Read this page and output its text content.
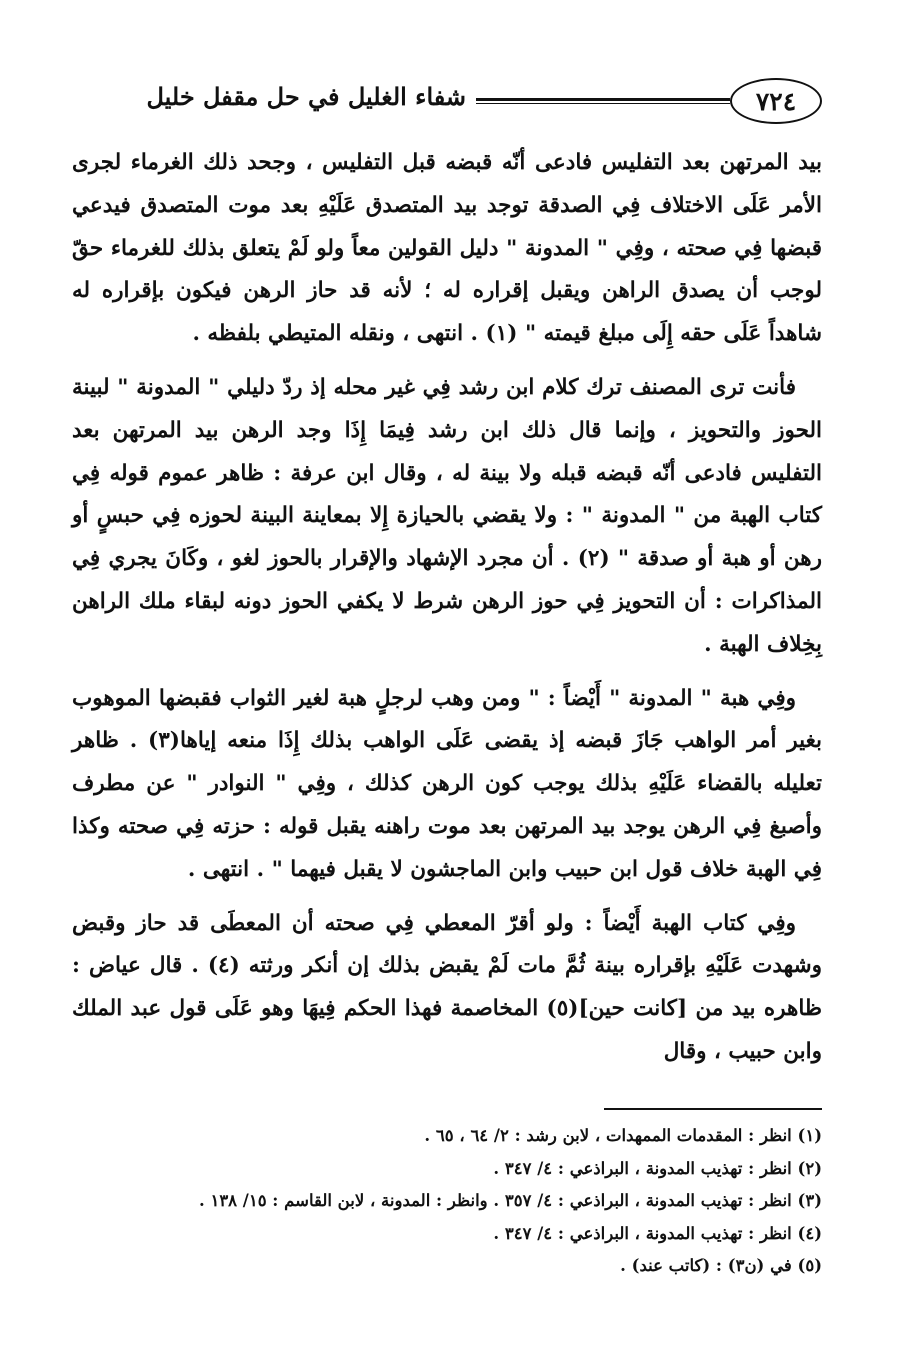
٧٢٤
شفاء الغليل في حل مقفل خليل

بيد المرتهن بعد التفليس فادعى أنّه قبضه قبل التفليس ، وجحد ذلك الغرماء لجرى الأمر عَلَى الاختلاف فِي الصدقة توجد بيد المتصدق عَلَيْهِ بعد موت المتصدق فيدعي قبضها فِي صحته ، وفِي " المدونة " دليل القولين معاً ولو لَمْ يتعلق بذلك للغرماء حقّ لوجب أن يصدق الراهن ويقبل إقراره له ؛ لأنه قد حاز الرهن فيكون بإقراره له شاهداً عَلَى حقه إِلَى مبلغ قيمته " (١) . انتهى ، ونقله المتيطي بلفظه .

فأنت ترى المصنف ترك كلام ابن رشد فِي غير محله إذ ردّ دليلي " المدونة " لبينة الحوز والتحويز ، وإنما قال ذلك ابن رشد فِيمَا إِذَا وجد الرهن بيد المرتهن بعد التفليس فادعى أنّه قبضه قبله ولا بينة له ، وقال ابن عرفة : ظاهر عموم قوله فِي كتاب الهبة من " المدونة " : ولا يقضي بالحيازة إِلا بمعاينة البينة لحوزه فِي حبسٍ أو رهن أو هبة أو صدقة " (٢) . أن مجرد الإشهاد والإقرار بالحوز لغو ، وكَانَ يجري فِي المذاكرات : أن التحويز فِي حوز الرهن شرط لا يكفي الحوز دونه لبقاء ملك الراهن بِخِلاف الهبة .

وفِي هبة " المدونة " أَيْضاً : " ومن وهب لرجلٍ هبة لغير الثواب فقبضها الموهوب بغير أمر الواهب جَازَ قبضه إذ يقضى عَلَى الواهب بذلك إِذَا منعه إياها(٣) . ظاهر تعليله بالقضاء عَلَيْهِ بذلك يوجب كون الرهن كذلك ، وفِي " النوادر " عن مطرف وأصبغ فِي الرهن يوجد بيد المرتهن بعد موت راهنه يقبل قوله : حزته فِي صحته وكذا فِي الهبة خلاف قول ابن حبيب وابن الماجشون لا يقبل فيهما " . انتهى .

وفِي كتاب الهبة أَيْضاً : ولو أقرّ المعطي فِي صحته أن المعطَى قد حاز وقبض وشهدت عَلَيْهِ بإقراره بينة ثُمَّ مات لَمْ يقبض بذلك إن أنكر ورثته (٤) . قال عياض : ظاهره بيد من [كانت حين](٥) المخاصمة فهذا الحكم فِيهَا وهو عَلَى قول عبد الملك وابن حبيب ، وقال

(١) انظر : المقدمات الممهدات ، لابن رشد : ٢/ ٦٤ ، ٦٥ .
(٢) انظر : تهذيب المدونة ، البراذعي : ٤/ ٣٤٧ .
(٣) انظر : تهذيب المدونة ، البراذعي : ٤/ ٣٥٧ . وانظر : المدونة ، لابن القاسم : ١٥/ ١٣٨ .
(٤) انظر : تهذيب المدونة ، البراذعي : ٤/ ٣٤٧ .
(٥) في (ن٣) : (كاتب عند) .
